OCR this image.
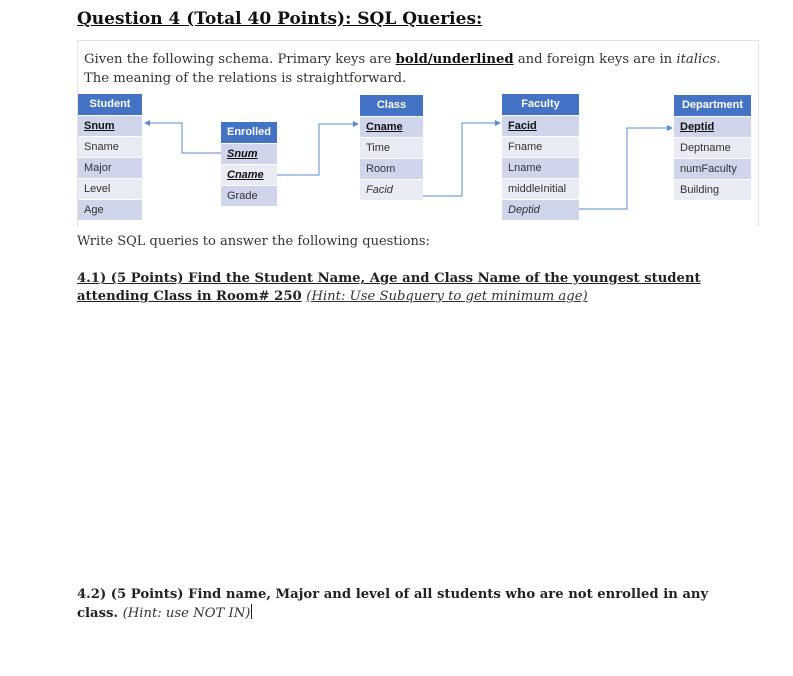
Question 4 (Total 40 Points): SQL Queries:
Given the following schema. Primary keys are bold/underlined and foreign keys are in italics.
The meaning of the relations is straightforward.
Student
Snum
Sname
Major
Level
Age
Enrolled
Snum
Cname
Grade
Class
Cname
Time
Room
Facid
Faculty
Facid
Fname
Lname
middleInitial
Deptid
Department
Deptid
Deptname
numFaculty
Building
Write SQL queries to answer the following questions:
4.1) (5 Points) Find the Student Name, Age and Class Name of the youngest student
attending Class in Room# 250 (Hint: Use Subquery to get minimum age)
4.2) (5 Points) Find name, Major and level of all students who are not enrolled in any
class. (Hint: use NOT IN)
